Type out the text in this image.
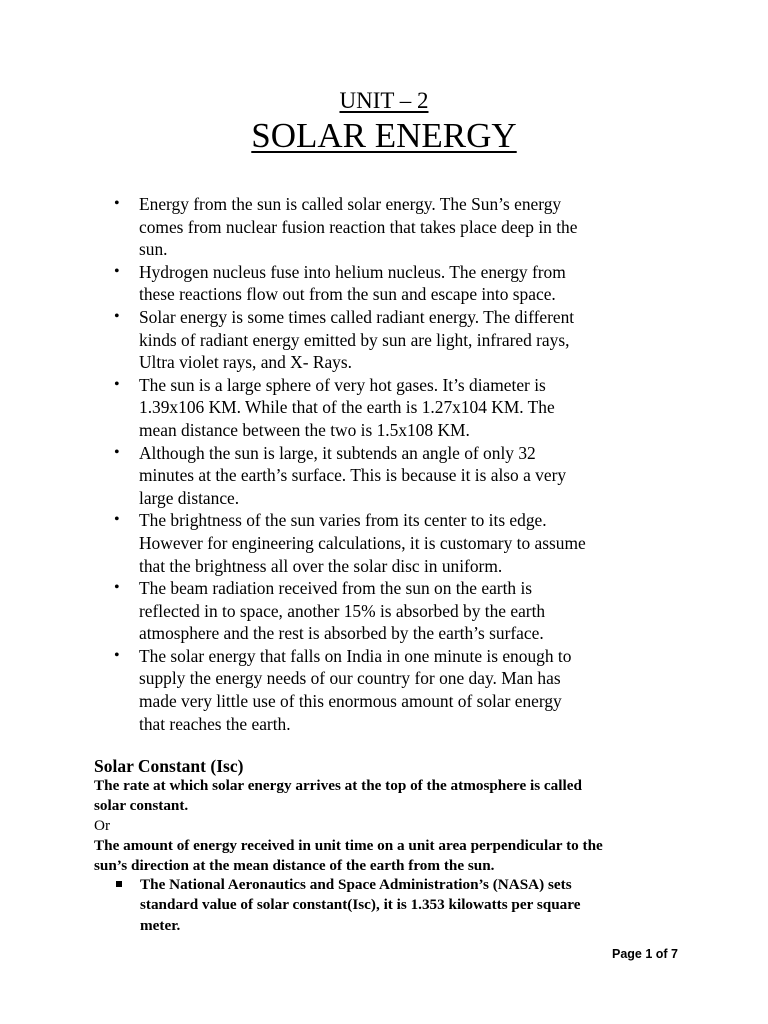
UNIT – 2
SOLAR ENERGY
• Energy from the sun is called solar energy. The Sun’s energy
comes from nuclear fusion reaction that takes place deep in the
sun.
• Hydrogen nucleus fuse into helium nucleus. The energy from
these reactions flow out from the sun and escape into space.
• Solar energy is some times called radiant energy. The different
kinds of radiant energy emitted by sun are light, infrared rays,
Ultra violet rays, and X- Rays.
• The sun is a large sphere of very hot gases. It’s diameter is
1.39x106 KM. While that of the earth is 1.27x104 KM. The
mean distance between the two is 1.5x108 KM.
• Although the sun is large, it subtends an angle of only 32
minutes at the earth’s surface. This is because it is also a very
large distance.
• The brightness of the sun varies from its center to its edge.
However for engineering calculations, it is customary to assume
that the brightness all over the solar disc in uniform.
• The beam radiation received from the sun on the earth is
reflected in to space, another 15% is absorbed by the earth
atmosphere and the rest is absorbed by the earth’s surface.
• The solar energy that falls on India in one minute is enough to
supply the energy needs of our country for one day. Man has
made very little use of this enormous amount of solar energy
that reaches the earth.
Solar Constant (Isc)
The rate at which solar energy arrives at the top of the atmosphere is called
solar constant.
Or
The amount of energy received in unit time on a unit area perpendicular to the
sun’s direction at the mean distance of the earth from the sun.
The National Aeronautics and Space Administration’s (NASA) sets
standard value of solar constant(Isc), it is 1.353 kilowatts per square
meter.
Page 1 of 7
